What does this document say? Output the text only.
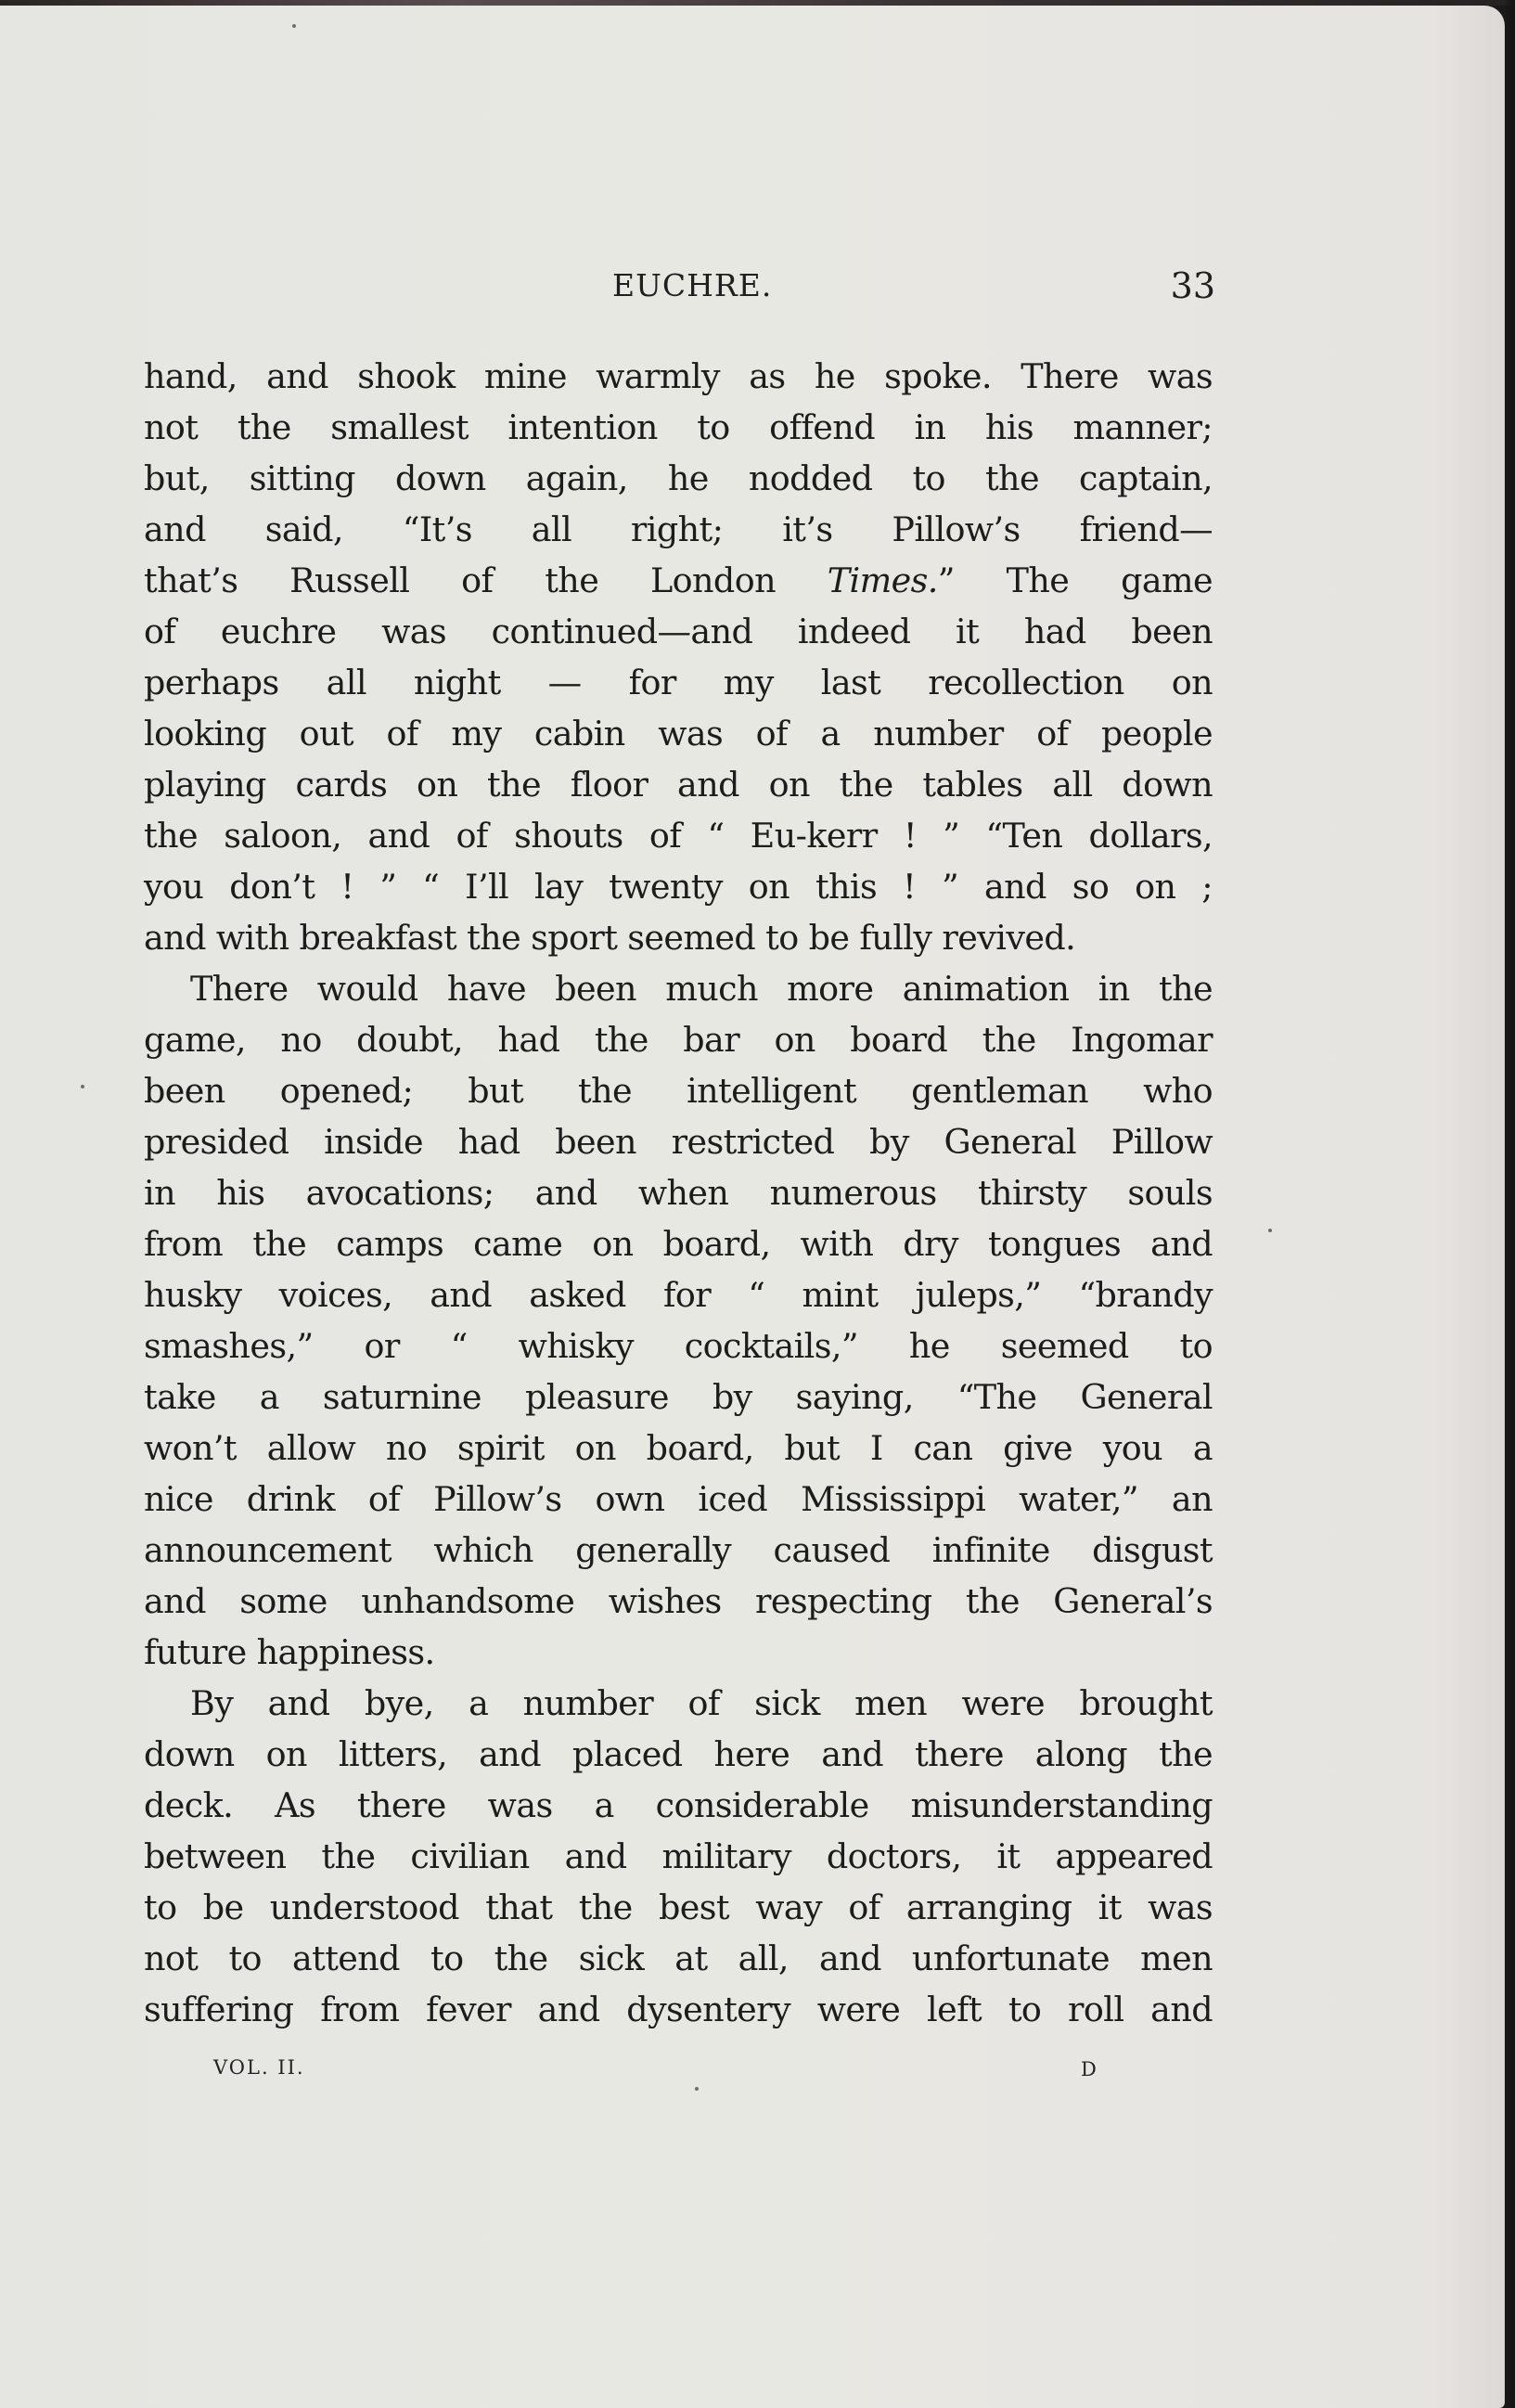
EUCHRE.	33
hand, and shook mine warmly as he spoke. There was
not the smallest intention to offend in his manner;
but, sitting down again, he nodded to the captain,
and said, “It’s all right; it’s Pillow’s friend—
that’s Russell of the London Times.” The game
of euchre was continued—and indeed it had been
perhaps all night — for my last recollection on
looking out of my cabin was of a number of people
playing cards on the floor and on the tables all down
the saloon, and of shouts of “ Eu-kerr ! ” “Ten dollars,
you don’t ! ” “ I’ll lay twenty on this ! ” and so on ;
and with breakfast the sport seemed to be fully revived.
There would have been much more animation in the
game, no doubt, had the bar on board the Ingomar
been opened; but the intelligent gentleman who
presided inside had been restricted by General Pillow
in his avocations; and when numerous thirsty souls
from the camps came on board, with dry tongues and
husky voices, and asked for “ mint juleps,” “brandy
smashes,” or “ whisky cocktails,” he seemed to
take a saturnine pleasure by saying, “The General
won’t allow no spirit on board, but I can give you a
nice drink of Pillow’s own iced Mississippi water,” an
announcement which generally caused infinite disgust
and some unhandsome wishes respecting the General’s
future happiness.
By and bye, a number of sick men were brought
down on litters, and placed here and there along the
deck. As there was a considerable misunderstanding
between the civilian and military doctors, it appeared
to be understood that the best way of arranging it was
not to attend to the sick at all, and unfortunate men
suffering from fever and dysentery were left to roll and
VOL. II.	D
